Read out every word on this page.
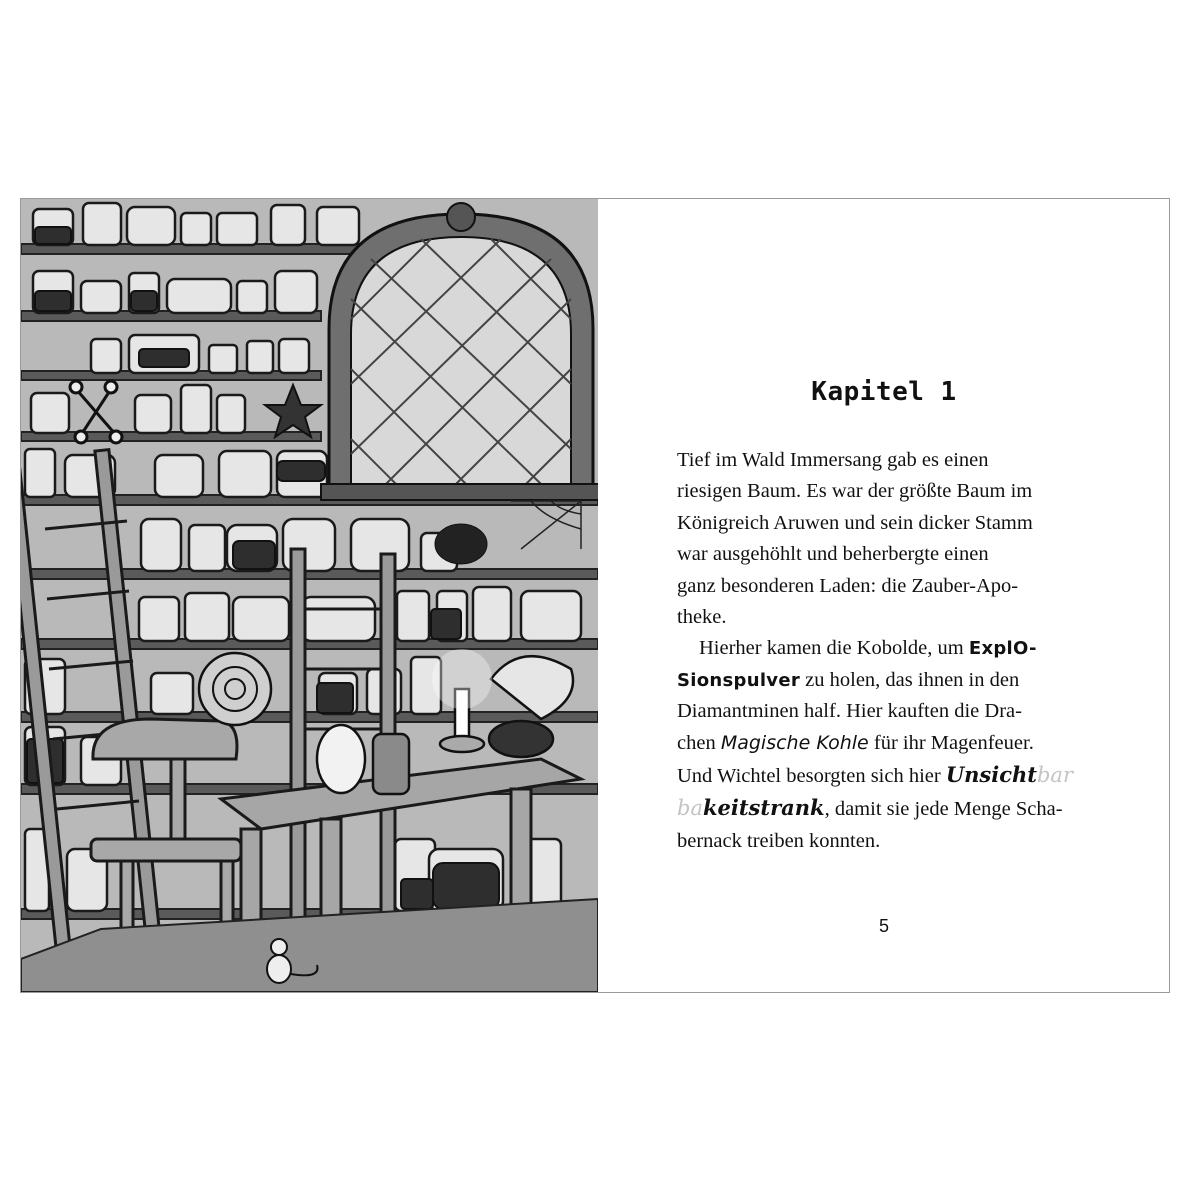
Kapitel 1

Tief im Wald Immersang gab es einen
riesigen Baum. Es war der größte Baum im
Königreich Aruwen und sein dicker Stamm
war ausgehöhlt und beherbergte einen
ganz besonderen Laden: die Zauber-Apo-
theke.

Hierher kamen die Kobolde, um ExplO-
Sionspulver zu holen, das ihnen in den
Diamantminen half. Hier kauften die Dra-
chen Magische Kohle für ihr Magenfeuer.
Und Wichtel besorgten sich hier Unsichtbar
bakeitstrank, damit sie jede Menge Scha-
bernack treiben konnten.

5
